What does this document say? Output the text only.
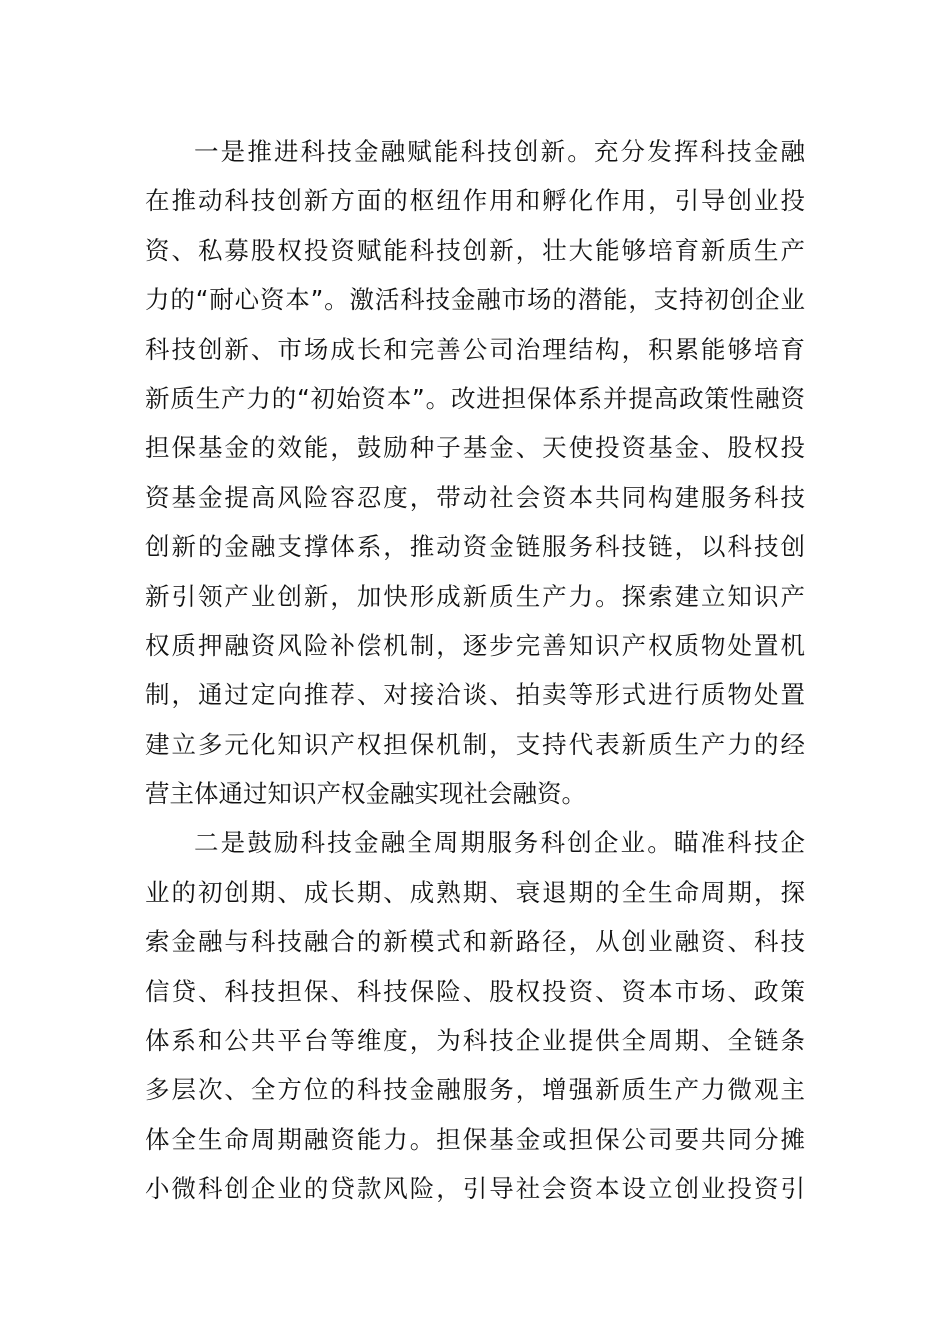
一是推进科技金融赋能科技创新。充分发挥科技金融
在推动科技创新方面的枢纽作用和孵化作用，引导创业投
资、私募股权投资赋能科技创新，壮大能够培育新质生产
力的“耐心资本”。激活科技金融市场的潜能，支持初创企业
科技创新、市场成长和完善公司治理结构，积累能够培育
新质生产力的“初始资本”。改进担保体系并提高政策性融资
担保基金的效能，鼓励种子基金、天使投资基金、股权投
资基金提高风险容忍度，带动社会资本共同构建服务科技
创新的金融支撑体系，推动资金链服务科技链，以科技创
新引领产业创新，加快形成新质生产力。探索建立知识产
权质押融资风险补偿机制，逐步完善知识产权质物处置机
制，通过定向推荐、对接洽谈、拍卖等形式进行质物处置
建立多元化知识产权担保机制，支持代表新质生产力的经
营主体通过知识产权金融实现社会融资。
二是鼓励科技金融全周期服务科创企业。瞄准科技企
业的初创期、成长期、成熟期、衰退期的全生命周期，探
索金融与科技融合的新模式和新路径，从创业融资、科技
信贷、科技担保、科技保险、股权投资、资本市场、政策
体系和公共平台等维度，为科技企业提供全周期、全链条
多层次、全方位的科技金融服务，增强新质生产力微观主
体全生命周期融资能力。担保基金或担保公司要共同分摊
小微科创企业的贷款风险，引导社会资本设立创业投资引
